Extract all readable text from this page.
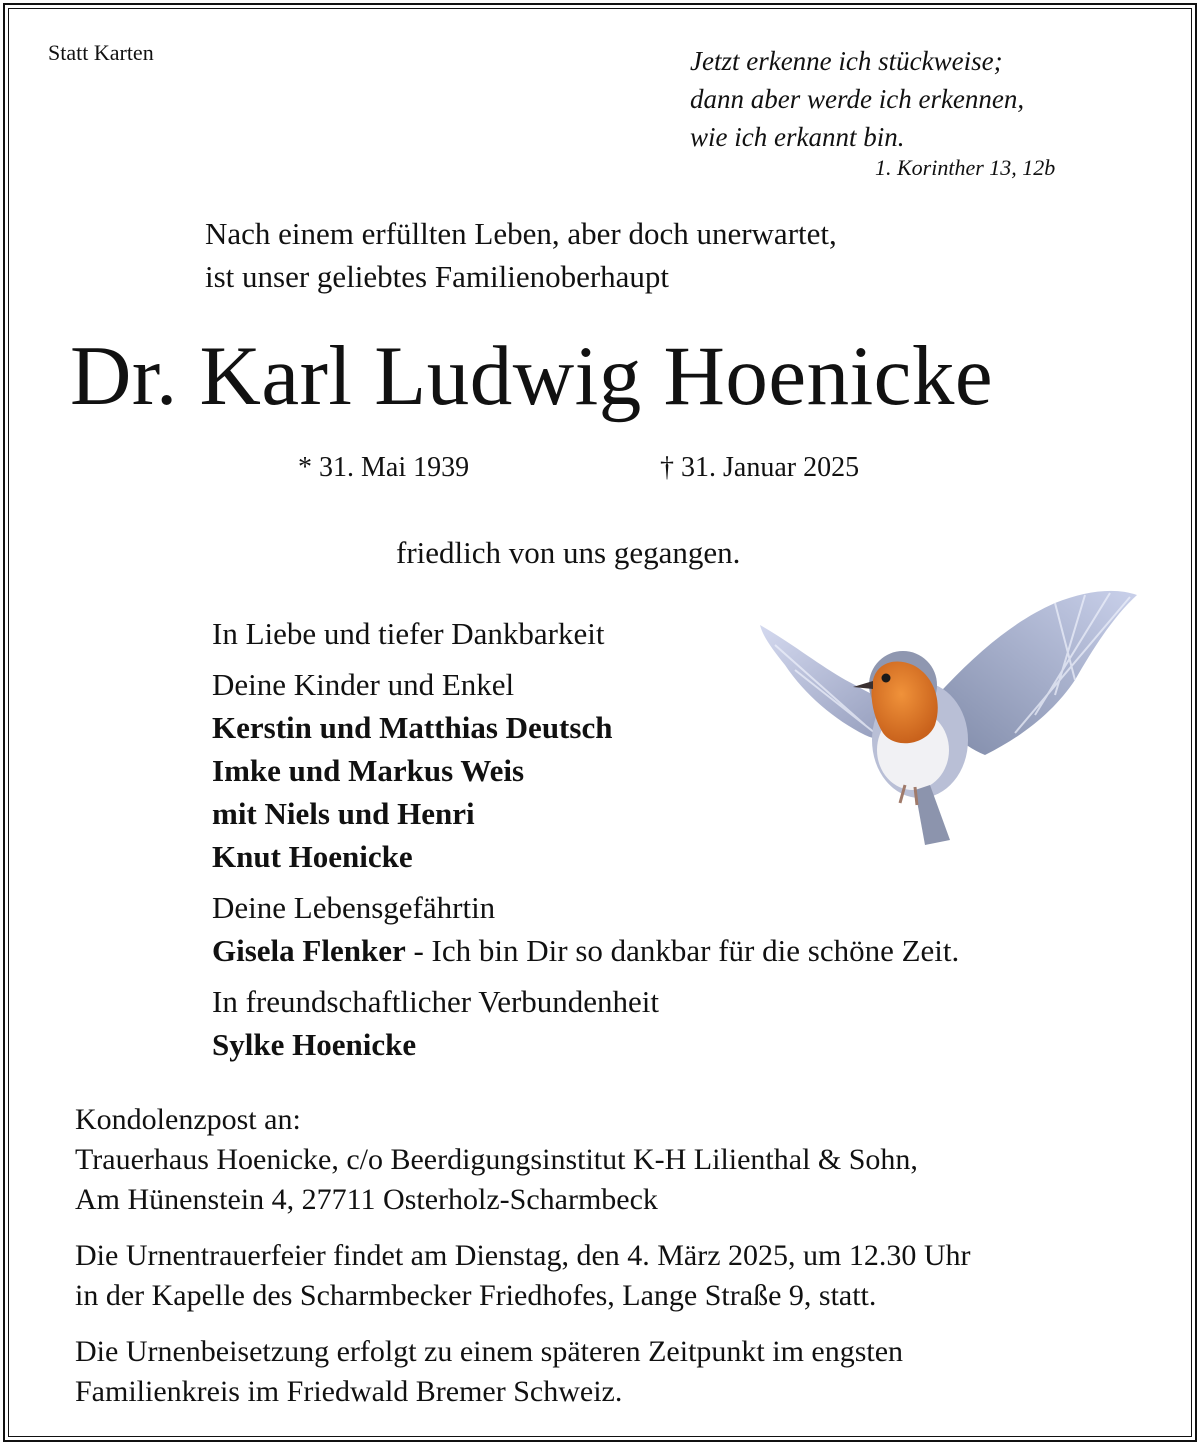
Statt Karten	Jetzt erkenne ich stückweise;
dann aber werde ich erkennen,
wie ich erkannt bin.
1. Korinther 13, 12b
Nach einem erfüllten Leben, aber doch unerwartet,
ist unser geliebtes Familienoberhaupt
Dr. Karl Ludwig Hoenicke
* 31. Mai 1939	† 31. Januar 2025
friedlich von uns gegangen.
In Liebe und tiefer Dankbarkeit
Deine Kinder und Enkel
Kerstin und Matthias Deutsch
Imke und Markus Weis
mit Niels und Henri
Knut Hoenicke
Deine Lebensgefährtin
Gisela Flenker - Ich bin Dir so dankbar für die schöne Zeit.
In freundschaftlicher Verbundenheit
Sylke Hoenicke
Kondolenzpost an:
Trauerhaus Hoenicke, c/o Beerdigungsinstitut K-H Lilienthal & Sohn,
Am Hünenstein 4, 27711 Osterholz-Scharmbeck
Die Urnentrauerfeier findet am Dienstag, den 4. März 2025, um 12.30 Uhr
in der Kapelle des Scharmbecker Friedhofes, Lange Straße 9, statt.
Die Urnenbeisetzung erfolgt zu einem späteren Zeitpunkt im engsten
Familienkreis im Friedwald Bremer Schweiz.
